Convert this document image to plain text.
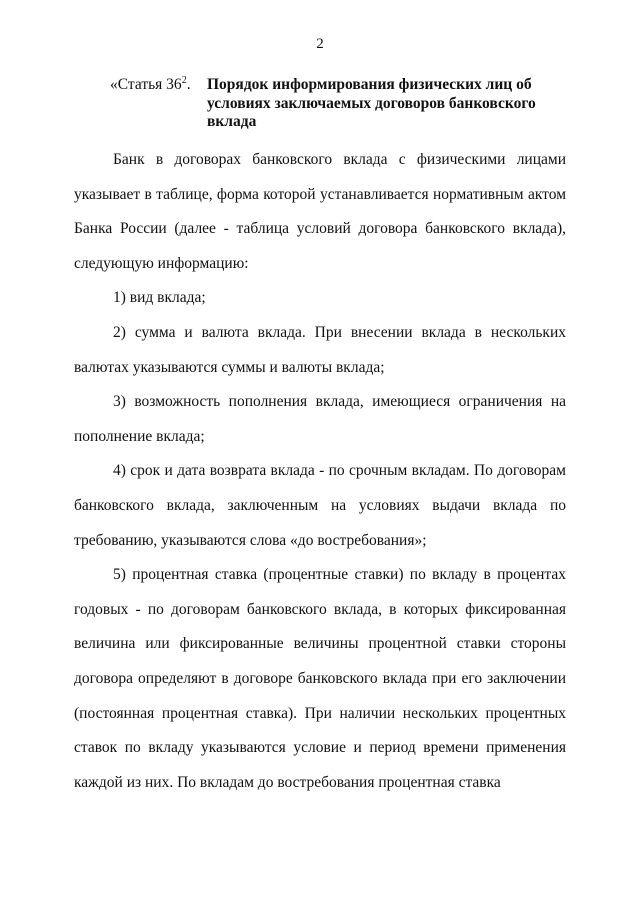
2
«Статья $36^2$. Порядок информирования физических лиц об условиях заключаемых договоров банковского вклада

Банк в договорах банковского вклада с физическими лицами указывает в таблице, форма которой устанавливается нормативным актом Банка России (далее - таблица условий договора банковского вклада), следующую информацию:

1) вид вклада;

2) сумма и валюта вклада. При внесении вклада в нескольких валютах указываются суммы и валюты вклада;

3) возможность пополнения вклада, имеющиеся ограничения на пополнение вклада;

4) срок и дата возврата вклада - по срочным вкладам. По договорам банковского вклада, заключенным на условиях выдачи вклада по требованию, указываются слова «до востребования»;

5) процентная ставка (процентные ставки) по вкладу в процентах годовых - по договорам банковского вклада, в которых фиксированная величина или фиксированные величины процентной ставки стороны договора определяют в договоре банковского вклада при его заключении (постоянная процентная ставка). При наличии нескольких процентных ставок по вкладу указываются условие и период времени применения каждой из них. По вкладам до востребования процентная ставка
